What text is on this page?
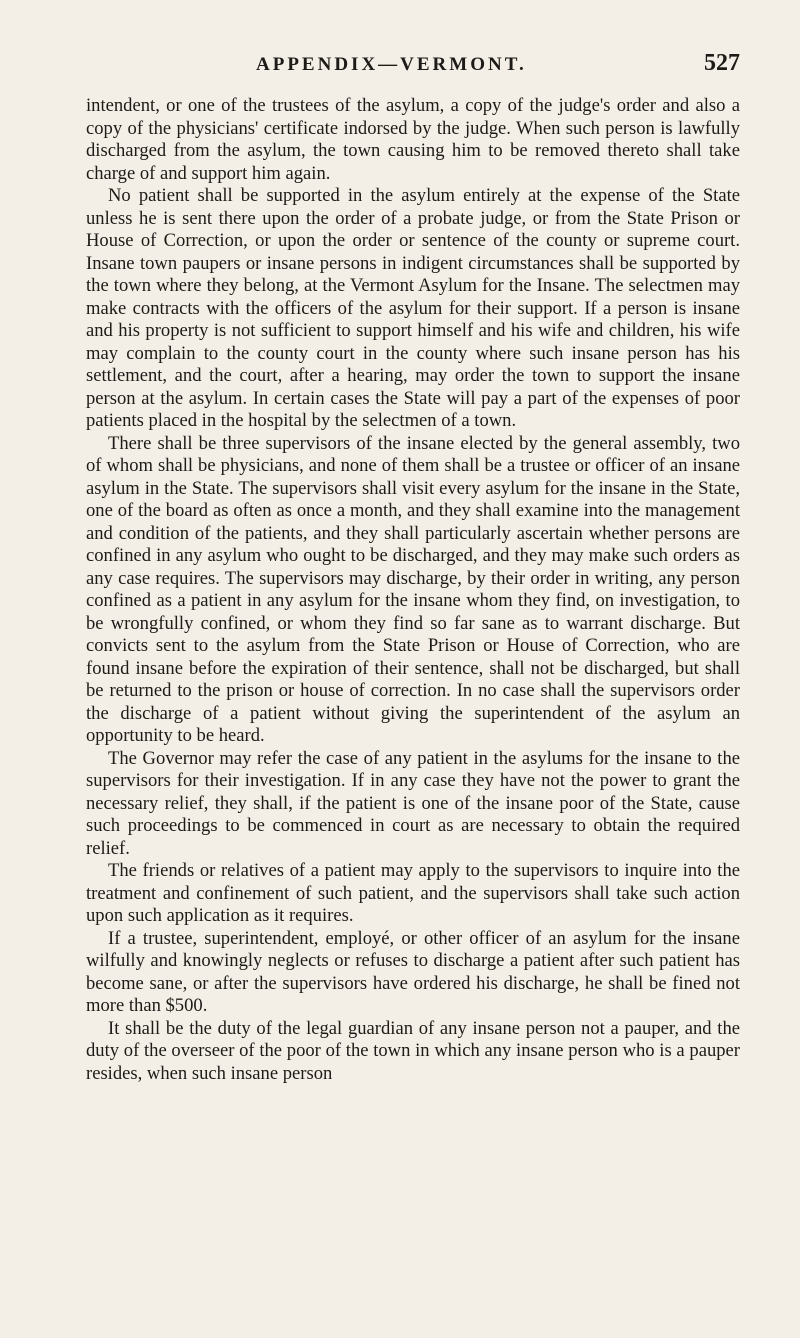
APPENDIX—VERMONT.	527

intendent, or one of the trustees of the asylum, a copy of the judge's order and also a copy of the physicians' certificate indorsed by the judge. When such person is lawfully discharged from the asylum, the town causing him to be removed thereto shall take charge of and support him again.

No patient shall be supported in the asylum entirely at the expense of the State unless he is sent there upon the order of a probate judge, or from the State Prison or House of Correction, or upon the order or sentence of the county or supreme court. Insane town paupers or insane persons in indigent circumstances shall be supported by the town where they belong, at the Vermont Asylum for the Insane. The selectmen may make contracts with the officers of the asylum for their support. If a person is insane and his property is not sufficient to support himself and his wife and children, his wife may complain to the county court in the county where such insane person has his settlement, and the court, after a hearing, may order the town to support the insane person at the asylum. In certain cases the State will pay a part of the expenses of poor patients placed in the hospital by the selectmen of a town.

There shall be three supervisors of the insane elected by the general assembly, two of whom shall be physicians, and none of them shall be a trustee or officer of an insane asylum in the State. The supervisors shall visit every asylum for the insane in the State, one of the board as often as once a month, and they shall examine into the management and condition of the patients, and they shall particularly ascertain whether persons are confined in any asylum who ought to be discharged, and they may make such orders as any case requires. The supervisors may discharge, by their order in writing, any person confined as a patient in any asylum for the insane whom they find, on investigation, to be wrongfully confined, or whom they find so far sane as to warrant discharge. But convicts sent to the asylum from the State Prison or House of Correction, who are found insane before the expiration of their sentence, shall not be discharged, but shall be returned to the prison or house of correction. In no case shall the supervisors order the discharge of a patient without giving the superintendent of the asylum an opportunity to be heard.

The Governor may refer the case of any patient in the asylums for the insane to the supervisors for their investigation. If in any case they have not the power to grant the necessary relief, they shall, if the patient is one of the insane poor of the State, cause such proceedings to be commenced in court as are necessary to obtain the required relief.

The friends or relatives of a patient may apply to the supervisors to inquire into the treatment and confinement of such patient, and the supervisors shall take such action upon such application as it requires.

If a trustee, superintendent, employé, or other officer of an asylum for the insane wilfully and knowingly neglects or refuses to discharge a patient after such patient has become sane, or after the supervisors have ordered his discharge, he shall be fined not more than $500.

It shall be the duty of the legal guardian of any insane person not a pauper, and the duty of the overseer of the poor of the town in which any insane person who is a pauper resides, when such insane person
